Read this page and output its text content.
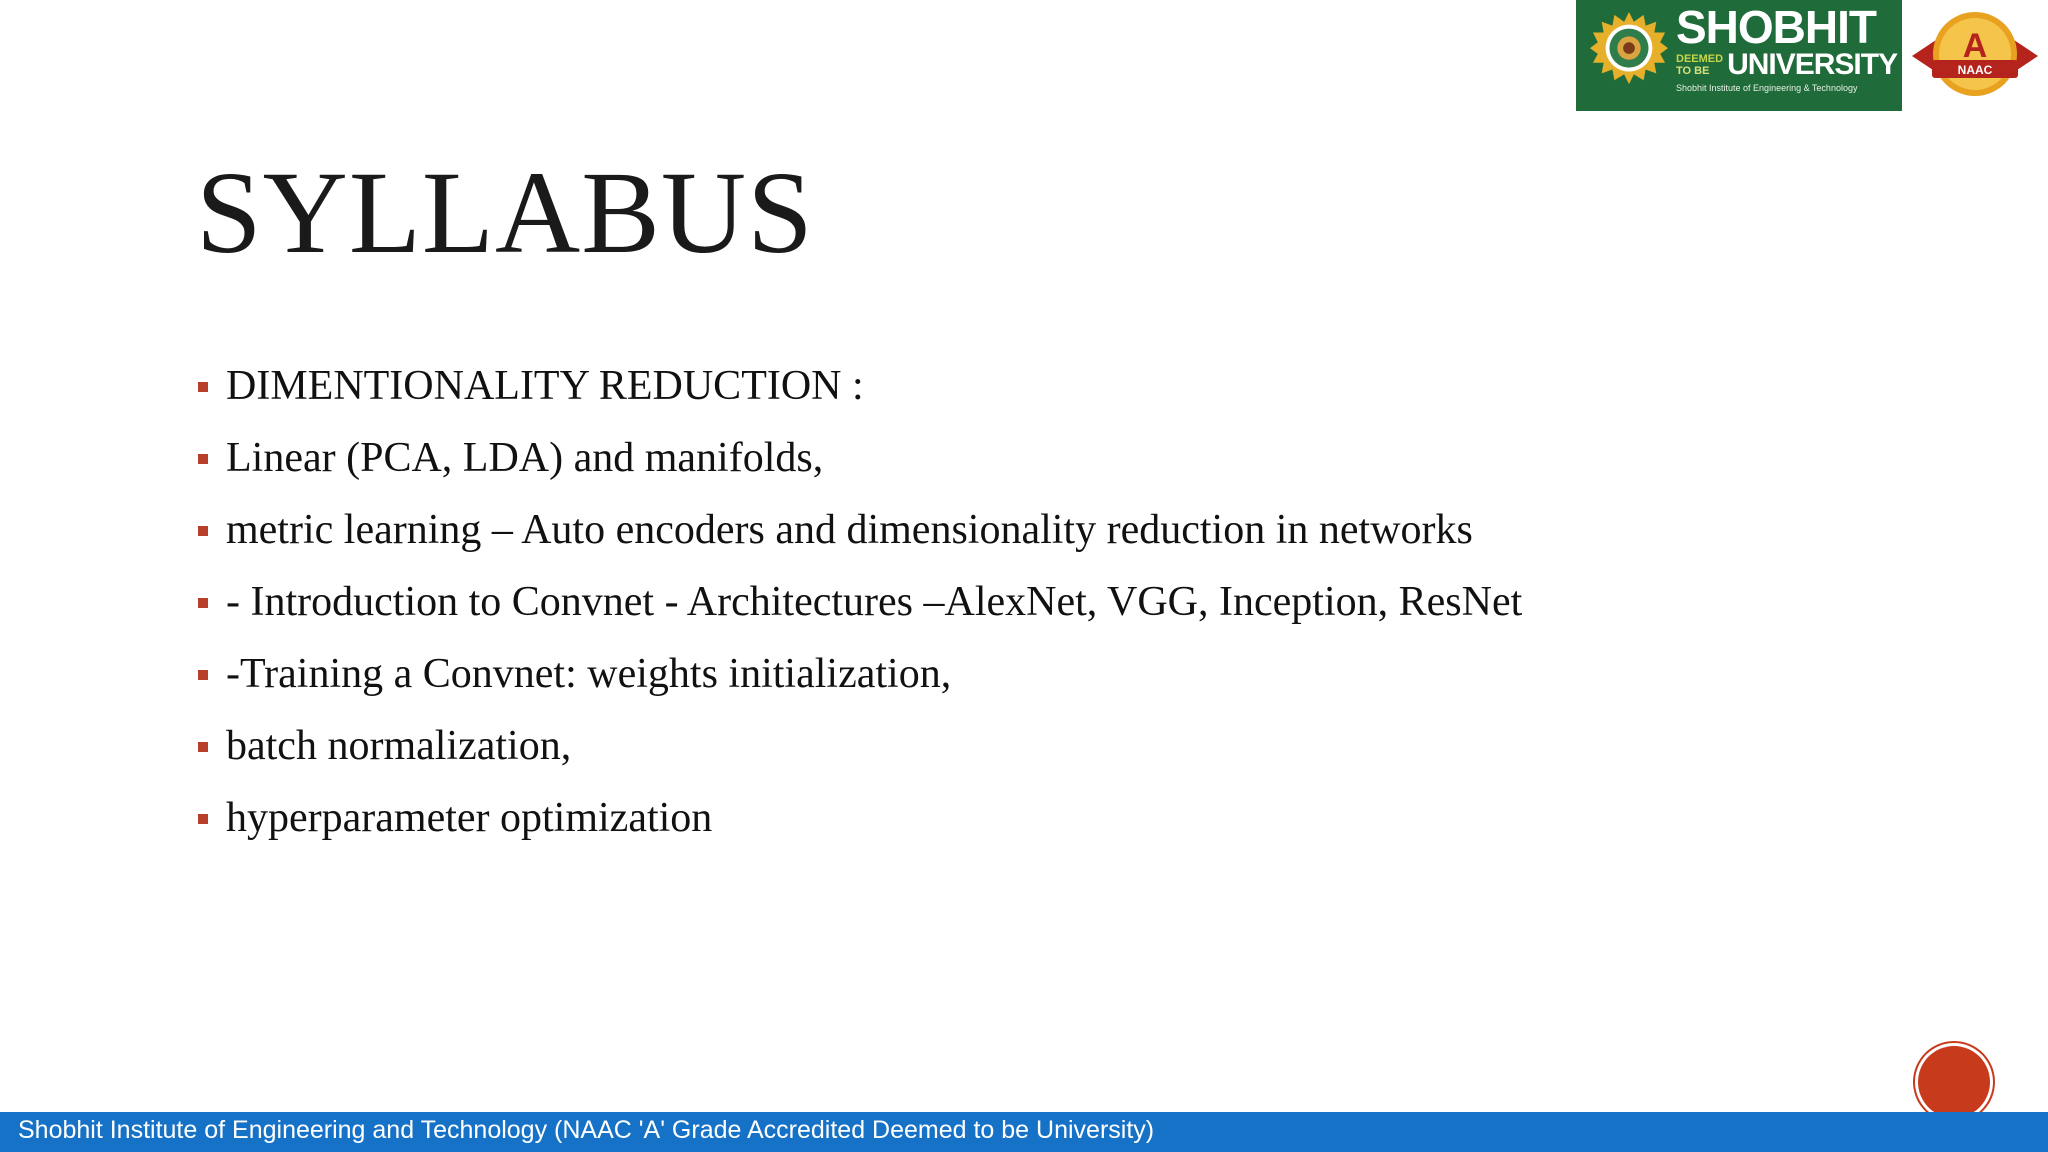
SHOBHIT
DEEMED
TO BE UNIVERSITY
Shobhit Institute of Engineering & Technology
A
NAAC
SYLLABUS
DIMENTIONALITY REDUCTION :
Linear (PCA, LDA) and manifolds,
metric learning – Auto encoders and dimensionality reduction in networks
- Introduction to Convnet - Architectures –AlexNet, VGG, Inception, ResNet
-Training a Convnet: weights initialization,
batch normalization,
hyperparameter optimization
Shobhit Institute of Engineering and Technology (NAAC 'A' Grade Accredited Deemed to be University)
